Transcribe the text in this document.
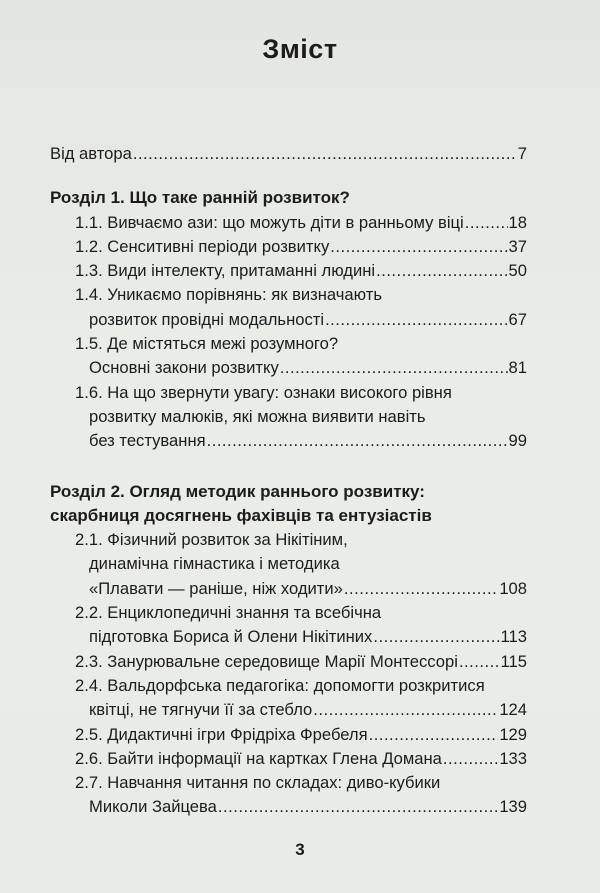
Зміст
Від автора .....	7
Розділ 1. Що таке ранній розвиток?
1.1. Вивчаємо ази: що можуть діти в ранньому віці .....	18
1.2. Сенситивні періоди розвитку .....	37
1.3. Види інтелекту, притаманні людині .....	50
1.4. Уникаємо порівнянь: як визначають
розвиток провідні модальності .....	67
1.5. Де містяться межі розумного?
Основні закони розвитку .....	81
1.6. На що звернути увагу: ознаки високого рівня
розвитку малюків, які можна виявити навіть
без тестування .....	99
Розділ 2. Огляд методик раннього розвитку:
скарбниця досягнень фахівців та ентузіастів
2.1. Фізичний розвиток за Нікітіним,
динамічна гімнастика і методика
«Плавати — раніше, ніж ходити» .....	108
2.2. Енциклопедичні знання та всебічна
підготовка Бориса й Олени Нікітиних .....	113
2.3. Занурювальне середовище Марії Монтессорі .....	115
2.4. Вальдорфська педагогіка: допомогти розкритися
квітці, не тягнучи її за стебло .....	124
2.5. Дидактичні ігри Фрідріха Фребеля .....	129
2.6. Байти інформації на картках Глена Домана .....	133
2.7. Навчання читання по складах: диво-кубики
Миколи Зайцева .....	139
3
